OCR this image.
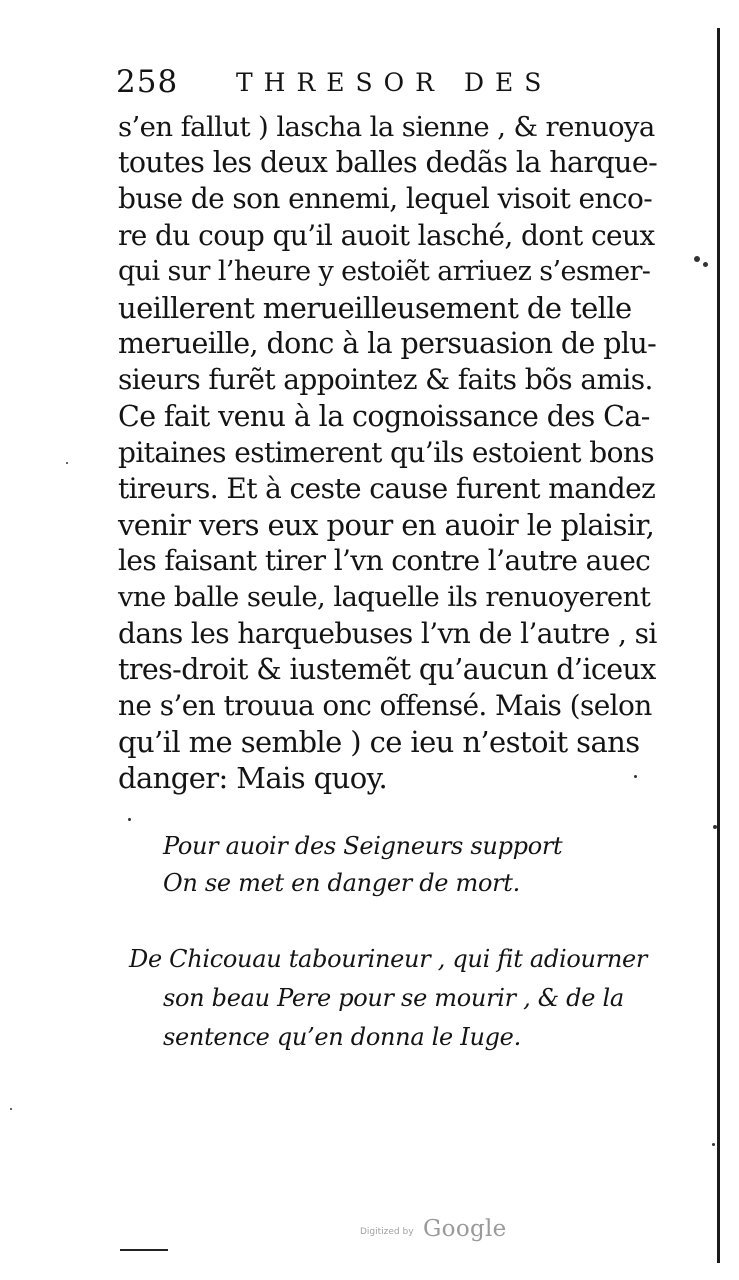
258 THRESOR DES
s’en fallut ) lascha la sienne , & renuoya
toutes les deux balles dedãs la harque-
buse de son ennemi, lequel visoit enco-
re du coup qu’il auoit lasché, dont ceux
qui sur l’heure y estoiẽt arriuez s’esmer-
ueillerent merueilleusement de telle
merueille, donc à la persuasion de plu-
sieurs furẽt appointez & faits bõs amis.
Ce fait venu à la cognoissance des Ca-
pitaines estimerent qu’ils estoient bons
tireurs. Et à ceste cause furent mandez
venir vers eux pour en auoir le plaisir,
les faisant tirer l’vn contre l’autre auec
vne balle seule, laquelle ils renuoyerent
dans les harquebuses l’vn de l’autre , si
tres-droit & iustemẽt qu’aucun d’iceux
ne s’en trouua onc offensé. Mais (selon
qu’il me semble ) ce ieu n’estoit sans
danger: Mais quoy.
Pour auoir des Seigneurs support
On se met en danger de mort.
De Chicouau tabourineur , qui fit adiourner
son beau Pere pour se mourir , & de la
sentence qu’en donna le Iuge.
Digitized by Google
